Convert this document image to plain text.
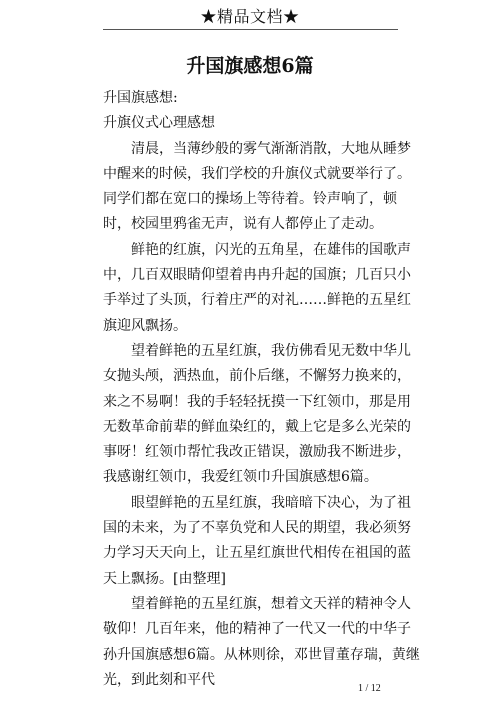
★精品文档★
升国旗感想6篇

升国旗感想:

升旗仪式心理感想

清晨，当薄纱般的雾气渐渐消散，大地从睡梦中醒来的时候，我们学校的升旗仪式就要举行了。同学们都在宽口的操场上等待着。铃声响了，顿时，校园里鸦雀无声，说有人都停止了走动。

鲜艳的红旗，闪光的五角星，在雄伟的国歌声中，几百双眼睛仰望着冉冉升起的国旗；几百只小手举过了头顶，行着庄严的对礼……鲜艳的五星红旗迎风飘扬。

望着鲜艳的五星红旗，我仿佛看见无数中华儿女抛头颅，洒热血，前仆后继，不懈努力换来的，来之不易啊！我的手轻轻抚摸一下红领巾，那是用无数革命前辈的鲜血染红的，戴上它是多么光荣的事呀！红领巾帮忙我改正错误，激励我不断进步，我感谢红领巾，我爱红领巾升国旗感想6篇。

眼望鲜艳的五星红旗，我暗暗下决心，为了祖国的未来，为了不辜负党和人民的期望，我必须努力学习天天向上，让五星红旗世代相传在祖国的蓝天上飘扬。[由整理]

望着鲜艳的五星红旗，想着文天祥的精神令人敬仰！几百年来，他的精神了一代又一代的中华子孙升国旗感想6篇。从林则徐，邓世冒董存瑞，黄继光，到此刻和平代

1 / 12
